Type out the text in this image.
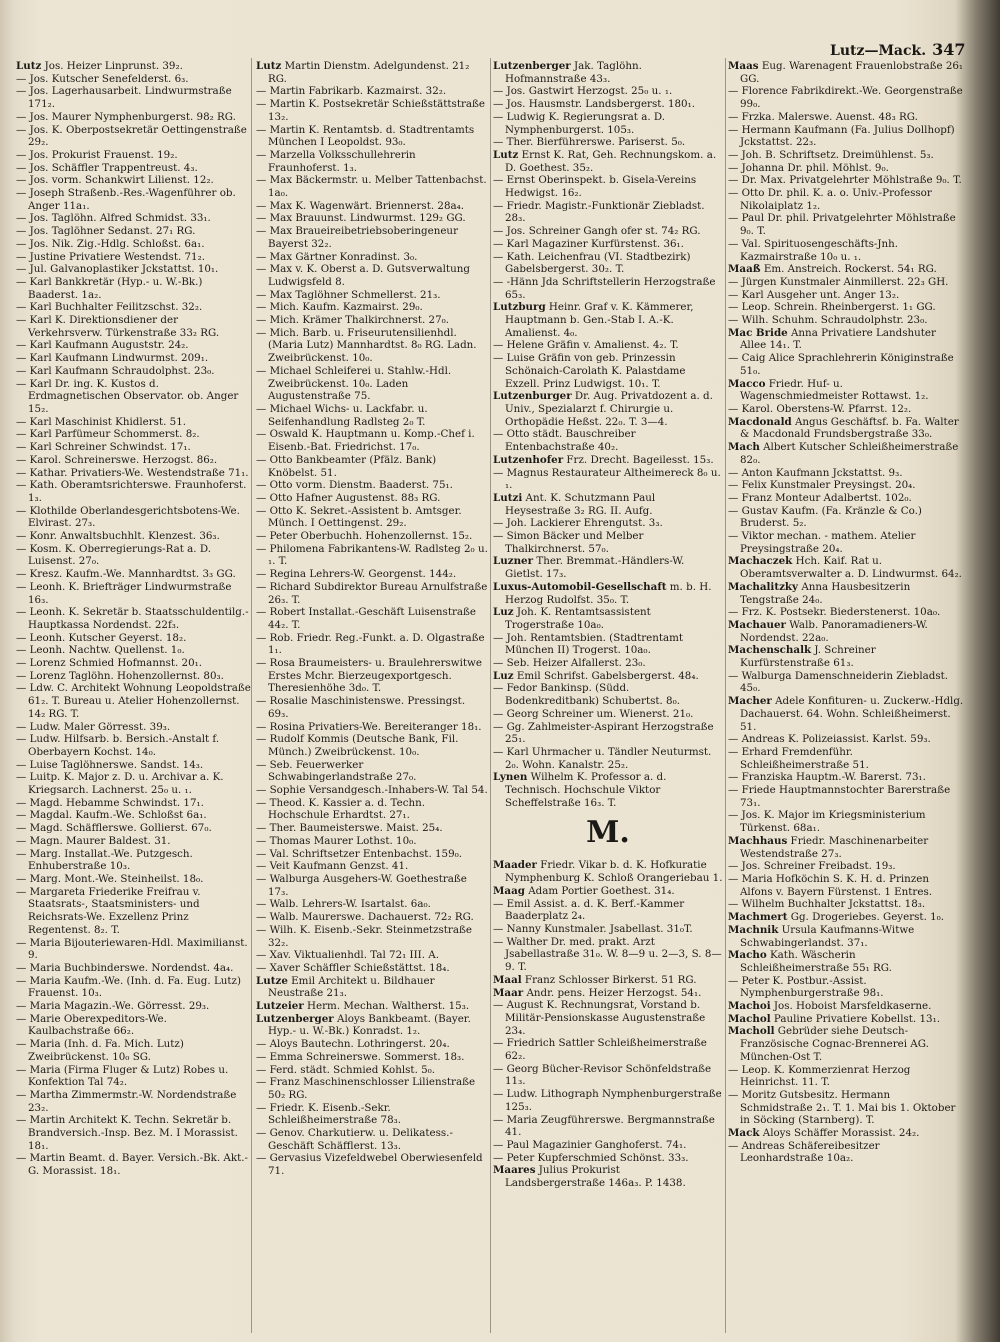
Lutz—Mack. 347

Lutz Jos. Heizer Linprunst. 39₂.

— Jos. Kutscher Senefelderst. 6₃.

— Jos. Lagerhausarbeit. Lindwurmstraße 171₂.

— Jos. Maurer Nymphenburgerst. 98₂ RG.

— Jos. K. Oberpostsekretär Oettingenstraße 29₂.

— Jos. Prokurist Frauenst. 19₂.

— Jos. Schäffler Trappentreust. 4₃.

— Jos. vorm. Schankwirt Lilienst. 12₂.

— Joseph Straßenb.-Res.-Wagenführer ob. Anger 11a₁.

— Jos. Taglöhn. Alfred Schmidst. 33₁.

— Jos. Taglöhner Sedanst. 27₁ RG.

— Jos. Nik. Zig.-Hdlg. Schloßst. 6a₁.

— Justine Privatiere Westendst. 71₂.

— Jul. Galvanoplastiker Jckstattst. 10₁.

— Karl Bankkretär (Hyp.- u. W.-Bk.) Baaderst. 1a₂.

— Karl Buchhalter Feilitzschst. 32₂.

— Karl K. Direktionsdiener der Verkehrsverw. Türkenstraße 33₂ RG.

— Karl Kaufmann Auguststr. 24₂.

— Karl Kaufmann Lindwurmst. 209₁.

— Karl Kaufmann Schraudolphst. 23₀.

— Karl Dr. ing. K. Kustos d. Erdmagnetischen Observator. ob. Anger 15₂.

— Karl Maschinist Khidlerst. 51.

— Karl Parfümeur Schommerst. 8₂.

— Karl Schreiner Schwindst. 17₁.

— Karol. Schreinerswe. Herzogst. 86₂.

— Kathar. Privatiers-We. Westendstraße 71₁.

— Kath. Oberamtsrichterswe. Fraunhoferst. 1₃.

— Klothilde Oberlandesgerichtsbotens-We. Elvirast. 27₃.

— Konr. Anwaltsbuchhlt. Klenzest. 36₃.

— Kosm. K. Oberregierungs-Rat a. D. Luisenst. 27₀.

— Kresz. Kaufm.-We. Mannhardtst. 3₃ GG.

— Leonh. K. Briefträger Lindwurmstraße 16₃.

— Leonh. K. Sekretär b. Staatsschuldentilg.-Hauptkassa Nordendst. 22f₃.

— Leonh. Kutscher Geyerst. 18₂.

— Leonh. Nachtw. Quellenst. 1₀.

— Lorenz Schmied Hofmannst. 20₁.

— Lorenz Taglöhn. Hohenzollernst. 80₃.

— Ldw. C. Architekt Wohnung Leopoldstraße 61₂. T. Bureau u. Atelier Hohenzollernst. 14₂ RG. T.

— Ludw. Maler Görresst. 39₃.

— Ludw. Hilfsarb. b. Bersich.-Anstalt f. Oberbayern Kochst. 14₀.

— Luise Taglöhnerswe. Sandst. 14₃.

— Luitp. K. Major z. D. u. Archivar a. K. Kriegsarch. Lachnerst. 25₀ u. ₁.

— Magd. Hebamme Schwindst. 17₁.

— Magdal. Kaufm.-We. Schloßst 6a₁.

— Magd. Schäfflerswe. Gollierst. 67₀.

— Magn. Maurer Baldest. 31.

— Marg. Installat.-We. Putzgesch. Enhuberstraße 10₃.

— Marg. Mont.-We. Steinheilst. 18₀.

— Margareta Friederike Freifrau v. Staatsrats-, Staatsministers- und Reichsrats-We. Exzellenz Prinz Regentenst. 8₂. T.

— Maria Bijouteriewaren-Hdl. Maximilianst. 9.

— Maria Buchbinderswe. Nordendst. 4a₄.

— Maria Kaufm.-We. (Inh. d. Fa. Eug. Lutz) Frauenst. 10₃.

— Maria Magazin.-We. Görresst. 29₃.

— Marie Oberexpeditors-We. Kaulbachstraße 66₂.

— Maria (Inh. d. Fa. Mich. Lutz) Zweibrückenst. 10₀ SG.

— Maria (Firma Fluger & Lutz) Robes u. Konfektion Tal 74₂.

— Martha Zimmermstr.-W. Nordendstraße 23₂.

— Martin Architekt K. Techn. Sekretär b. Brandversich.-Insp. Bez. M. I Morassist. 18₁.

— Martin Beamt. d. Bayer. Versich.-Bk. Akt.-G. Morassist. 18₁.

Lutz Martin Dienstm. Adelgundenst. 21₂ RG.

— Martin Fabrikarb. Kazmairst. 32₂.

— Martin K. Postsekretär Schießstättstraße 13₂.

— Martin K. Rentamtsb. d. Stadtrentamts München I Leopoldst. 93₀.

— Marzella Volksschullehrerin Fraunhoferst. 1₃.

— Max Bäckermstr. u. Melber Tattenbachst. 1a₀.

— Max K. Wagenwärt. Briennerst. 28a₄.

— Max Brauunst. Lindwurmst. 129₂ GG.

— Max Braueireibetriebsoberingeneur Bayerst 32₂.

— Max Gärtner Konradinst. 3₀.

— Max v. K. Oberst a. D. Gutsverwaltung Ludwigsfeld 8.

— Max Taglöhner Schmellerst. 21₃.

— Mich. Kaufm. Kazmairst. 29₀.

— Mich. Krämer Thalkirchnerst. 27₀.

— Mich. Barb. u. Friseurutensilienhdl. (Maria Lutz) Mannhardtst. 8₀ RG. Ladn. Zweibrückenst. 10₀.

— Michael Schleiferei u. Stahlw.-Hdl. Zweibrückenst. 10₀. Laden Augustenstraße 75.

— Michael Wichs- u. Lackfabr. u. Seifenhandlung Radlsteg 2₀ T.

— Oswald K. Hauptmann u. Komp.-Chef i. Eisenb.-Bat. Friedrichst. 17₀.

— Otto Bankbeamter (Pfälz. Bank) Knöbelst. 51.

— Otto vorm. Dienstm. Baaderst. 75₁.

— Otto Hafner Augustenst. 88₃ RG.

— Otto K. Sekret.-Assistent b. Amtsger. Münch. I Oettingenst. 29₂.

— Peter Oberbuchh. Hohenzollernst. 15₂.

— Philomena Fabrikantens-W. Radlsteg 2₀ u. ₁. T.

— Regina Lehrers-W. Georgenst. 144₂.

— Richard Subdirektor Bureau Arnulfstraße 26₃. T.

— Robert Installat.-Geschäft Luisenstraße 44₂. T.

— Rob. Friedr. Reg.-Funkt. a. D. Olgastraße 1₁.

— Rosa Braumeisters- u. Braulehrerswitwe Erstes Mchr. Bierzeugexportgesch. Theresienhöhe 3d₀. T.

— Rosalie Maschinistenswe. Pressingst. 69₃.

— Rosina Privatiers-We. Bereiteranger 18₁.

— Rudolf Kommis (Deutsche Bank, Fil. Münch.) Zweibrückenst. 10₀.

— Seb. Feuerwerker Schwabingerlandstraße 27₀.

— Sophie Versandgesch.-Inhabers-W. Tal 54.

— Theod. K. Kassier a. d. Techn. Hochschule Erhardtst. 27₁.

— Ther. Baumeisterswe. Maist. 25₄.

— Thomas Maurer Lothst. 10₀.

— Val. Schriftsetzer Entenbachst. 159₀.

— Veit Kaufmann Genzst. 41.

— Walburga Ausgehers-W. Goethestraße 17₃.

— Walb. Lehrers-W. Isartalst. 6a₀.

— Walb. Maurerswe. Dachauerst. 72₂ RG.

— Wilh. K. Eisenb.-Sekr. Steinmetzstraße 32₂.

— Xav. Viktualienhdl. Tal 72₁ III. A.

— Xaver Schäffler Schießstättst. 18₄.

Lutze Emil Architekt u. Bildhauer Neustraße 21₃.

Lutzeier Herm. Mechan. Waltherst. 15₃.

Lutzenberger Aloys Bankbeamt. (Bayer. Hyp.- u. W.-Bk.) Konradst. 1₂.

— Aloys Bautechn. Lothringerst. 20₄.

— Emma Schreinerswe. Sommerst. 18₃.

— Ferd. städt. Schmied Kohlst. 5₀.

— Franz Maschinenschlosser Lilienstraße 50₂ RG.

— Friedr. K. Eisenb.-Sekr. Schleißheimerstraße 78₃.

— Genov. Charkutierw. u. Delikatess.-Geschäft Schäfflerst. 13₃.

— Gervasius Vizefeldwebel Oberwiesenfeld 71.

Lutzenberger Jak. Taglöhn. Hofmannstraße 43₃.

— Jos. Gastwirt Herzogst. 25₀ u. ₁.

— Jos. Hausmstr. Landsbergerst. 180₁.

— Ludwig K. Regierungsrat a. D. Nymphenburgerst. 105₃.

— Ther. Bierführerswe. Pariserst. 5₀.

Lutz Ernst K. Rat, Geh. Rechnungskom. a. D. Goethest. 35₂.

— Ernst Oberinspekt. b. Gisela-Vereins Hedwigst. 16₂.

— Friedr. Magistr.-Funktionär Ziebladst. 28₃.

— Jos. Schreiner Gangh ofer st. 74₂ RG.

— Karl Magaziner Kurfürstenst. 36₁.

— Kath. Leichenfrau (VI. Stadtbezirk) Gabelsbergerst. 30₂. T.

— -Hänn Jda Schriftstellerin Herzogstraße 65₃.

Lutzburg Heinr. Graf v. K. Kämmerer, Hauptmann b. Gen.-Stab I. A.-K. Amalienst. 4₀.

— Helene Gräfin v. Amalienst. 4₂. T.

— Luise Gräfin von geb. Prinzessin Schönaich-Carolath K. Palastdame Exzell. Prinz Ludwigst. 10₁. T.

Lutzenburger Dr. Aug. Privatdozent a. d. Univ., Spezialarzt f. Chirurgie u. Orthopädie Heßst. 22₀. T. 3—4.

— Otto städt. Bauschreiber Entenbachstraße 40₂.

Lutzenhofer Frz. Drecht. Bageilesst. 15₃.

— Magnus Restaurateur Altheimereck 8₀ u. ₁.

Lutzi Ant. K. Schutzmann Paul Heysestraße 3₂ RG. II. Aufg.

— Joh. Lackierer Ehrengutst. 3₃.

— Simon Bäcker und Melber Thalkirchnerst. 57₀.

Luzner Ther. Bremmat.-Händlers-W. Gietlst. 17₃.

Luxus-Automobil-Gesellschaft m. b. H. Herzog Rudolfst. 35₀. T.

Luz Joh. K. Rentamtsassistent Trogerstraße 10a₀.

— Joh. Rentamtsbien. (Stadtrentamt München II) Trogerst. 10a₀.

— Seb. Heizer Alfallerst. 23₀.

Luz Emil Schrifst. Gabelsbergerst. 48₄.

— Fedor Bankinsp. (Südd. Bodenkreditbank) Schubertst. 8₀.

— Georg Schreiner um. Wienerst. 21₀.

— Gg. Zahlmeister-Aspirant Herzogstraße 25₁.

— Karl Uhrmacher u. Tändler Neuturmst. 2₀. Wohn. Kanalstr. 25₂.

Lynen Wilhelm K. Professor a. d. Technisch. Hochschule Viktor Scheffelstraße 16₃. T.

M.

Maader Friedr. Vikar b. d. K. Hofkuratie Nymphenburg K. Schloß Orangeriebau 1.

Maag Adam Portier Goethest. 31₄.

— Emil Assist. a. d. K. Berf.-Kammer Baaderplatz 2₄.

— Nanny Kunstmaler. Jsabellast. 31₀T.

— Walther Dr. med. prakt. Arzt Jsabellastraße 31₀. W. 8—9 u. 2—3, S. 8—9. T.

Maal Franz Schlosser Birkerst. 51 RG.

Maar Andr. pens. Heizer Herzogst. 54₁.

— August K. Rechnungsrat, Vorstand b. Militär-Pensionskasse Augustenstraße 23₄.

— Friedrich Sattler Schleißheimerstraße 62₂.

— Georg Bücher-Revisor Schönfeldstraße 11₃.

— Ludw. Lithograph Nymphenburgerstraße 125₃.

— Maria Zeugführerswe. Bergmannstraße 41.

— Paul Magazinier Ganghoferst. 74₁.

— Peter Kupferschmied Schönst. 33₃.

Maares Julius Prokurist Landsbergerstraße 146a₃. P. 1438.

Maas Eug. Warenagent Frauenlobstraße 26₁ GG.

— Florence Fabrikdirekt.-We. Georgenstraße 99₀.

— Frzka. Malerswe. Auenst. 48₃ RG.

— Hermann Kaufmann (Fa. Julius Dollhopf) Jckstattst. 22₃.

— Joh. B. Schriftsetz. Dreimühlenst. 5₃.

— Johanna Dr. phil. Möhlst. 9₀.

— Dr. Max. Privatgelehrter Möhlstraße 9₀. T.

— Otto Dr. phil. K. a. o. Univ.-Professor Nikolaiplatz 1₂.

— Paul Dr. phil. Privatgelehrter Möhlstraße 9₀. T.

— Val. Spirituosengeschäfts-Jnh. Kazmairstraße 10₀ u. ₁.

Maaß Em. Anstreich. Rockerst. 54₁ RG.

— Jürgen Kunstmaler Ainmillerst. 22₃ GH.

— Karl Ausgeher unt. Anger 13₂.

— Leop. Schrein. Rheinbergerst. 1₁ GG.

— Wilh. Schuhm. Schraudolphstr. 23₀.

Mac Bride Anna Privatiere Landshuter Allee 14₁. T.

— Caig Alice Sprachlehrerin Königinstraße 51₀.

Macco Friedr. Huf- u. Wagenschmiedmeister Rottawst. 1₂.

— Karol. Oberstens-W. Pfarrst. 12₂.

Macdonald Angus Geschäftsf. b. Fa. Walter & Macdonald Frundsbergstraße 33₀.

Mach Albert Kutscher Schleißheimerstraße 82₀.

— Anton Kaufmann Jckstattst. 9₃.

— Felix Kunstmaler Preysingst. 20₄.

— Franz Monteur Adalbertst. 102₀.

— Gustav Kaufm. (Fa. Kränzle & Co.) Bruderst. 5₂.

— Viktor mechan. - mathem. Atelier Preysingstraße 20₄.

Machaczek Hch. Kaif. Rat u. Oberamtsverwalter a. D. Lindwurmst. 64₂.

Machalitzky Anna Hausbesitzerin Tengstraße 24₀.

— Frz. K. Postsekr. Biederstenerst. 10a₀.

Machauer Walb. Panoramadieners-W. Nordendst. 22a₀.

Machenschalk J. Schreiner Kurfürstenstraße 61₃.

— Walburga Damenschneiderin Ziebladst. 45₀.

Macher Adele Konfituren- u. Zuckerw.-Hdlg. Dachauerst. 64. Wohn. Schleißheimerst. 51.

— Andreas K. Polizeiassist. Karlst. 59₃.

— Erhard Fremdenführ. Schleißheimerstraße 51.

— Franziska Hauptm.-W. Barerst. 73₁.

— Friede Hauptmannstochter Barerstraße 73₁.

— Jos. K. Major im Kriegsministerium Türkenst. 68a₁.

Machhaus Friedr. Maschinenarbeiter Westendstraße 27₃.

— Jos. Schreiner Freibadst. 19₃.

— Maria Hofköchin S. K. H. d. Prinzen Alfons v. Bayern Fürstenst. 1 Entres.

— Wilhelm Buchhalter Jckstattst. 18₃.

Machmert Gg. Drogeriebes. Geyerst. 1₀.

Machnik Ursula Kaufmanns-Witwe Schwabingerlandst. 37₁.

Macho Kath. Wäscherin Schleißheimerstraße 55₁ RG.

— Peter K. Postbur.-Assist. Nymphenburgerstraße 98₁.

Machoi Jos. Hoboist Marsfeldkaserne.

Machol Pauline Privatiere Kobellst. 13₁.

Macholl Gebrüder siehe Deutsch-Französische Cognac-Brennerei AG. München-Ost T.

— Leop. K. Kommerzienrat Herzog Heinrichst. 11. T.

— Moritz Gutsbesitz. Hermann Schmidstraße 2₁. T. 1. Mai bis 1. Oktober in Söcking (Starnberg). T.

Mack Aloys Schäffer Morassist. 24₂.

— Andreas Schäfereibesitzer Leonhardstraße 10a₂.
